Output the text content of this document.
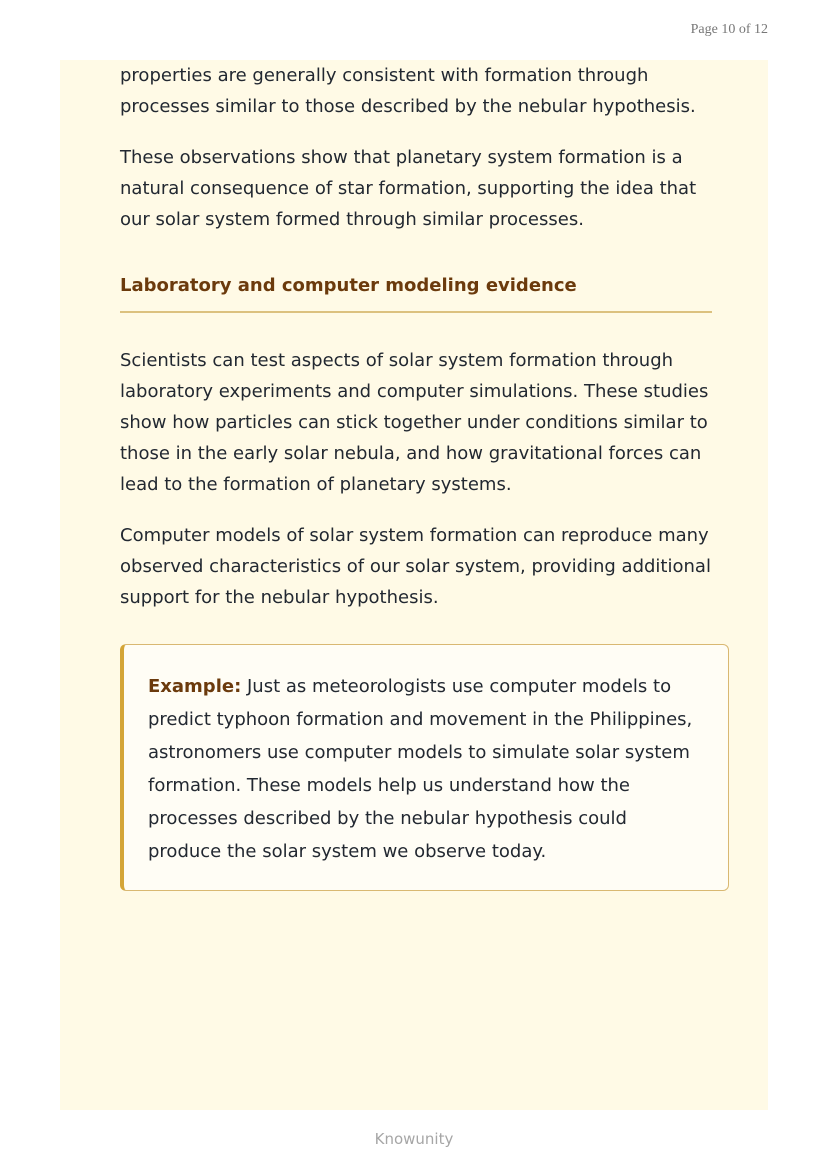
Page 10 of 12

properties are generally consistent with formation through processes similar to those described by the nebular hypothesis.

These observations show that planetary system formation is a natural consequence of star formation, supporting the idea that our solar system formed through similar processes.

Laboratory and computer modeling evidence

Scientists can test aspects of solar system formation through laboratory experiments and computer simulations. These studies show how particles can stick together under conditions similar to those in the early solar nebula, and how gravitational forces can lead to the formation of planetary systems.

Computer models of solar system formation can reproduce many observed characteristics of our solar system, providing additional support for the nebular hypothesis.

Example: Just as meteorologists use computer models to predict typhoon formation and movement in the Philippines, astronomers use computer models to simulate solar system formation. These models help us understand how the processes described by the nebular hypothesis could produce the solar system we observe today.
Knowunity
